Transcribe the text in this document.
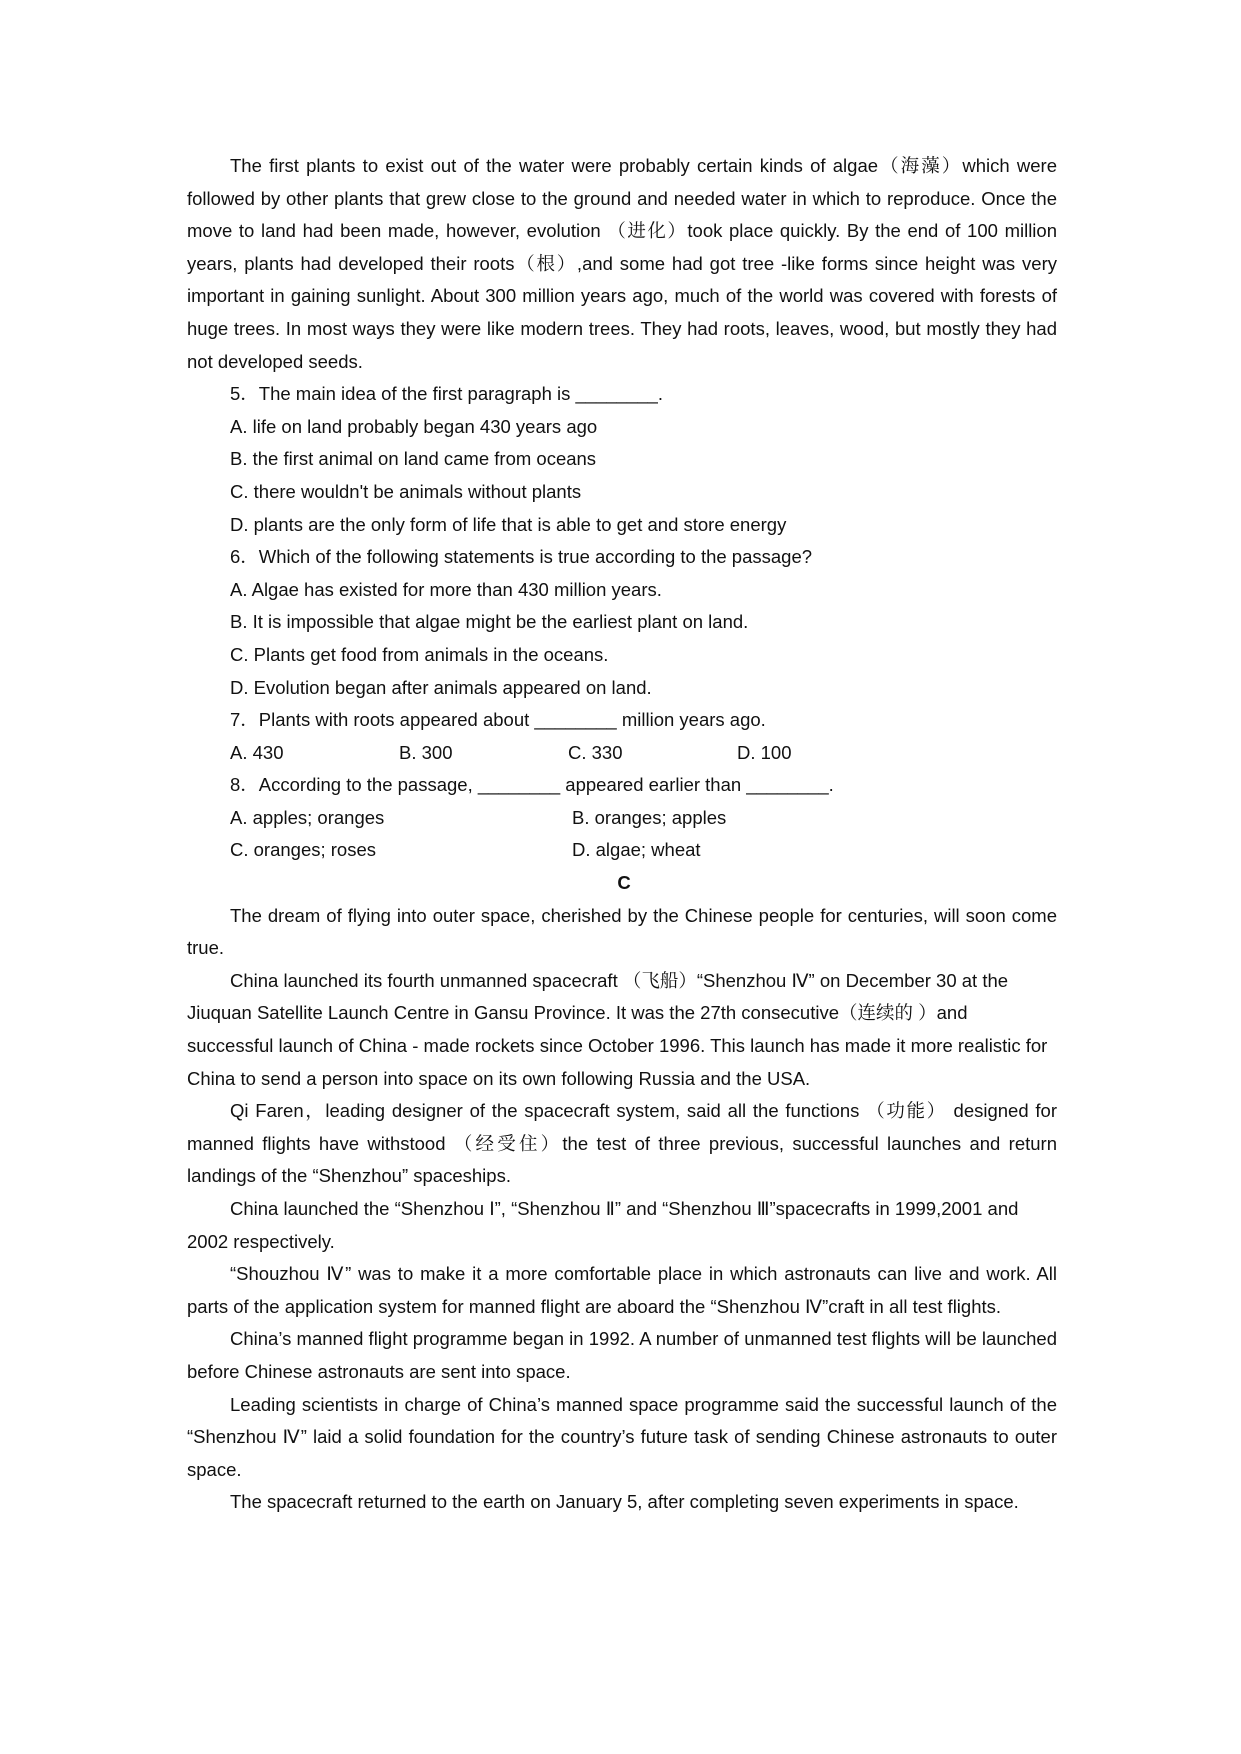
The first plants to exist out of the water were probably certain kinds of algae（海藻）which were followed by other plants that grew close to the ground and needed water in which to reproduce. Once the move to land had been made, however, evolution （进化）took place quickly. By the end of 100 million years, plants had developed their roots（根）,and some had got tree -like forms since height was very important in gaining sunlight. About 300 million years ago, much of the world was covered with forests of huge trees. In most ways they were like modern trees. They had roots, leaves, wood, but mostly they had not developed seeds.

5．The main idea of the first paragraph is ________.

A. life on land probably began 430 years ago

B. the first animal on land came from oceans

C. there wouldn't be animals without plants

D. plants are the only form of life that is able to get and store energy

6．Which of the following statements is true according to the passage?

A. Algae has existed for more than 430 million years.

B. It is impossible that algae might be the earliest plant on land.

C. Plants get food from animals in the oceans.

D. Evolution began after animals appeared on land.

7．Plants with roots appeared about ________ million years ago.

A. 430	B. 300	C. 330	D. 100

8．According to the passage, ________ appeared earlier than ________.

A. apples; oranges	B. oranges; apples
C. oranges; roses	D. algae; wheat

C

The dream of flying into outer space, cherished by the Chinese people for centuries, will soon come true.

China launched its fourth unmanned spacecraft （飞船）“Shenzhou Ⅳ” on December 30 at the Jiuquan Satellite Launch Centre in Gansu Province. It was the 27th consecutive（连续的 ）and successful launch of China - made rockets since October 1996. This launch has made it more realistic for China to send a person into space on its own following Russia and the USA.

Qi Faren，leading designer of the spacecraft system, said all the functions （功能） designed for manned flights have withstood （经受住）the test of three previous, successful launches and return landings of the “Shenzhou” spaceships.

China launched the “Shenzhou Ⅰ”, “Shenzhou Ⅱ” and “Shenzhou Ⅲ”spacecrafts in 1999,2001 and 2002 respectively.

“Shouzhou Ⅳ” was to make it a more comfortable place in which astronauts can live and work. All parts of the application system for manned flight are aboard the “Shenzhou Ⅳ”craft in all test flights.

China’s manned flight programme began in 1992. A number of unmanned test flights will be launched before Chinese astronauts are sent into space.

Leading scientists in charge of China’s manned space programme said the successful launch of the “Shenzhou Ⅳ” laid a solid foundation for the country’s future task of sending Chinese astronauts to outer space.

The spacecraft returned to the earth on January 5, after completing seven experiments in space.
